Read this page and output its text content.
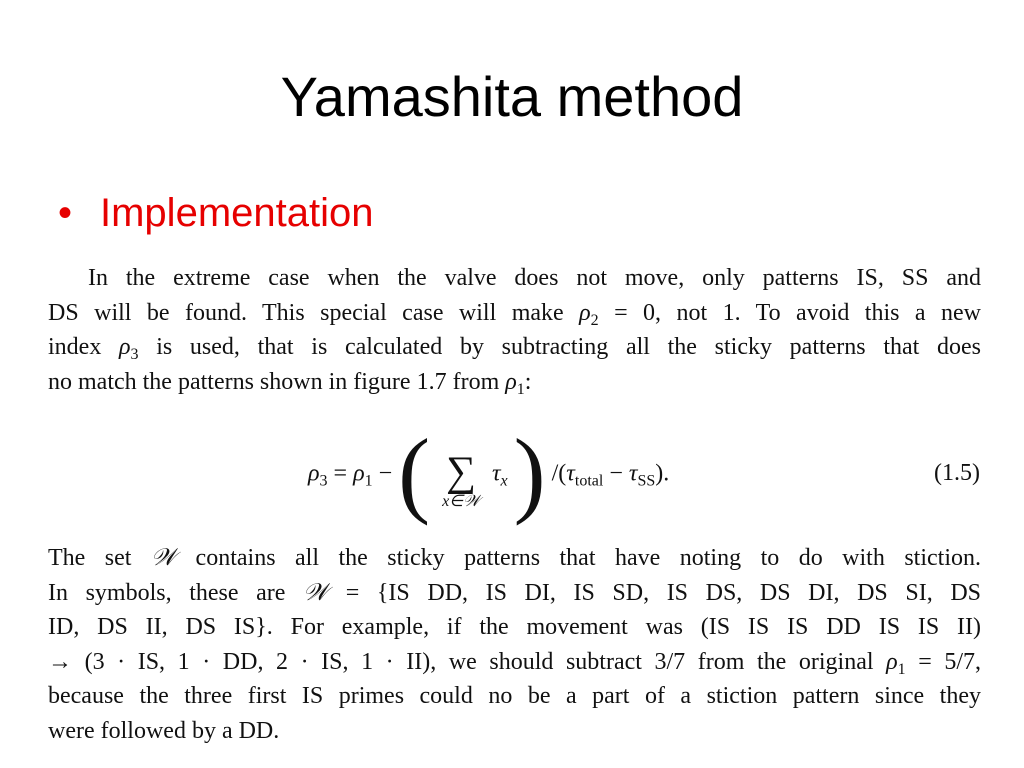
Yamashita method
• Implementation
In the extreme case when the valve does not move, only patterns IS, SS and
DS will be found. This special case will make $\rho_2 = 0$, not 1. To avoid this a new
index $\rho_3$ is used, that is calculated by subtracting all the sticky patterns that does
no match the patterns shown in figure 1.7 from $\rho_1$:
$\rho_3 = \rho_1$ − ( ∑
x∈𝒲
$\tau_x$ ) $/(\tau_{total} - \tau_{SS})$.	(1.5)
The set 𝒲 contains all the sticky patterns that have noting to do with stiction.
In symbols, these are 𝒲 = {IS DD, IS DI, IS SD, IS DS, DS DI, DS SI, DS
ID, DS II, DS IS}. For example, if the movement was (IS IS IS DD IS IS II)
→ (3 · IS, 1 · DD, 2 · IS, 1 · II), we should subtract 3/7 from the original $\rho_1 = 5/7$,
because the three first IS primes could no be a part of a stiction pattern since they
were followed by a DD.
